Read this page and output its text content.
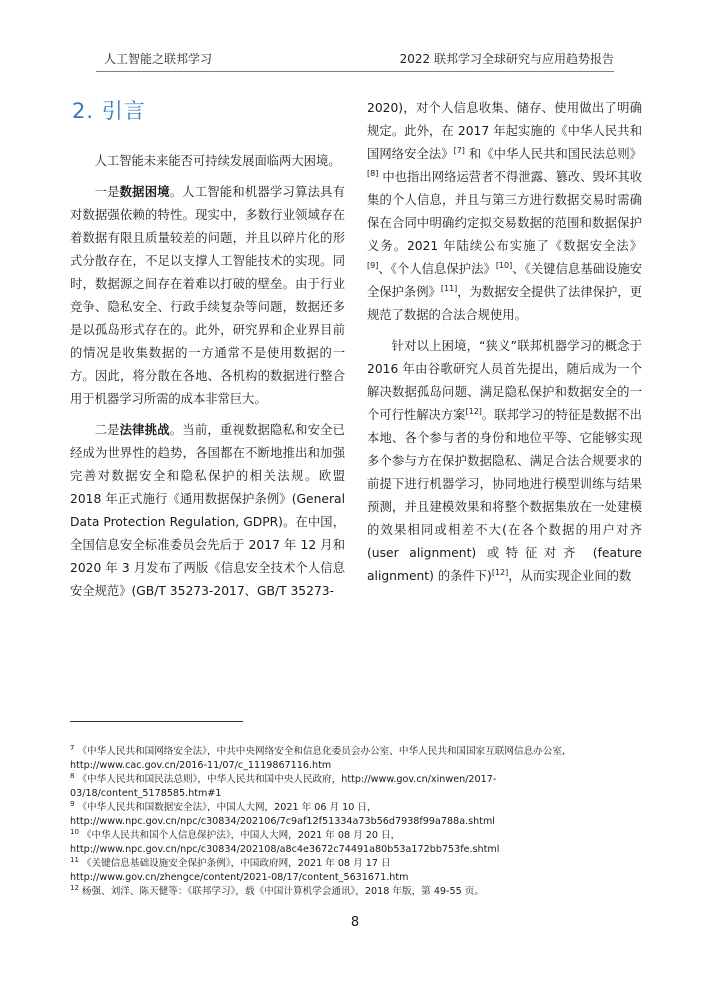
人工智能之联邦学习	2022 联邦学习全球研究与应用趋势报告
2. 引言

人工智能未来能否可持续发展面临两大困境。

一是数据困境。人工智能和机器学习算法具有对数据强依赖的特性。现实中，多数行业领域存在着数据有限且质量较差的问题，并且以碎片化的形式分散存在，不足以支撑人工智能技术的实现。同时，数据源之间存在着难以打破的壁垒。由于行业竞争、隐私安全、行政手续复杂等问题，数据还多是以孤岛形式存在的。此外，研究界和企业界目前的情况是收集数据的一方通常不是使用数据的一方。因此，将分散在各地、各机构的数据进行整合用于机器学习所需的成本非常巨大。

二是法律挑战。当前，重视数据隐私和安全已经成为世界性的趋势，各国都在不断地推出和加强完善对数据安全和隐私保护的相关法规。欧盟 2018 年正式施行《通用数据保护条例》(General Data Protection Regulation, GDPR)。在中国，全国信息安全标准委员会先后于 2017 年 12 月和 2020 年 3 月发布了两版《信息安全技术个人信息安全规范》(GB/T 35273-2017、GB/T 35273-

2020)，对个人信息收集、储存、使用做出了明确规定。此外，在 2017 年起实施的《中华人民共和国网络安全法》[7] 和《中华人民共和国民法总则》[8] 中也指出网络运营者不得泄露、篡改、毁坏其收集的个人信息，并且与第三方进行数据交易时需确保在合同中明确约定拟交易数据的范围和数据保护义务。2021 年陆续公布实施了《数据安全法》[9]、《个人信息保护法》[10]、《关键信息基础设施安全保护条例》[11]，为数据安全提供了法律保护，更规范了数据的合法合规使用。

针对以上困境，“狭义”联邦机器学习的概念于 2016 年由谷歌研究人员首先提出，随后成为一个解决数据孤岛问题、满足隐私保护和数据安全的一个可行性解决方案[12]。联邦学习的特征是数据不出本地、各个参与者的身份和地位平等、它能够实现多个参与方在保护数据隐私、满足合法合规要求的前提下进行机器学习，协同地进行模型训练与结果预测，并且建模效果和将整个数据集放在一处建模的效果相同或相差不大(在各个数据的用户对齐 (user alignment) 或特征对齐 (feature alignment) 的条件下)[12]，从而实现企业间的数

$^7$ 《中华人民共和国网络安全法》，中共中央网络安全和信息化委员会办公室、中华人民共和国国家互联网信息办公室,
http://www.cac.gov.cn/2016-11/07/c_1119867116.htm
$^8$ 《中华人民共和国民法总则》，中华人民共和国中央人民政府，http://www.gov.cn/xinwen/2017-
03/18/content_5178585.htm#1
$^9$ 《中华人民共和国数据安全法》，中国人大网，2021 年 06 月 10 日，
http://www.npc.gov.cn/npc/c30834/202106/7c9af12f51334a73b56d7938f99a788a.shtml
$^{10}$ 《中华人民共和国个人信息保护法》，中国人大网，2021 年 08 月 20 日，
http://www.npc.gov.cn/npc/c30834/202108/a8c4e3672c74491a80b53a172bb753fe.shtml
$^{11}$ 《关键信息基础设施安全保护条例》，中国政府网，2021 年 08 月 17 日
http://www.gov.cn/zhengce/content/2021-08/17/content_5631671.htm
$^{12}$ 杨强、刘洋、陈天健等：《联邦学习》，载《中国计算机学会通讯》，2018 年版，第 49-55 页。
8
